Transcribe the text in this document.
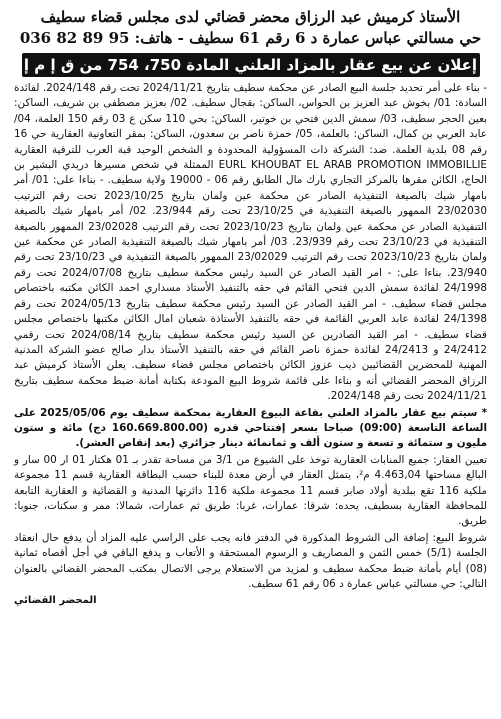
الأستاذ كرميش عبد الرزاق محضر قضائي لدى مجلس قضاء سطيف
حي مسالتي عباس عمارة د 6 رقم 61 سطيف - هاتف: 95 89 82 036
إعلان عن بيع عقار بالمزاد العلني المادة 750، 754 من ق إ م إ

- بناء على أمر تحديد جلسة البيع الصادر عن محكمة سطيف بتاريخ 2024/11/21 تحت رقم 2024/148. لفائدة السادة: 01/ بخوش عبد العزيز بن الحواس، الساكن: بقجال سطيف. 02/ بعزيز مصطفى بن شريف، الساكن: بعين الحجر سطيف، 03/ سمش الدين فتحي بن خوتير، الساكن: بحي 110 سكن ع 03 رقم 150 العلمة، 04/ عابد العربي بن كمال، الساكن: بالعلمة، 05/ حمزة ناصر بن سعدون، الساكن: بمقر التعاونية العقارية حي 16 رقم 08 بلدية العلمة. ضد: الشركة ذات المسؤولية المحدودة و الشخص الوحيد قبة العرب للترقية العقارية EURL KHOUBAT EL ARAB PROMOTION IMMOBILLIE الممثلة في شخص مسيرها دريدي البشير بن الحاج، الكائن مقرها بالمركز التجاري بارك مال الطابق رقم 06 - 19000 ولاية سطيف. - بناءا على: 01/ أمر بامهار شيك بالصيغة التنفيذية الصادر عن محكمة عين ولمان بتاريخ 2023/10/25 تحت رقم الترتيب 23/02030 الممهور بالصيغة التنفيذية في 23/10/25 تحت رقم 23/944. 02/ أمر بامهار شيك بالصيغة التنفيذية الصادر عن محكمة عين ولمان بتاريخ 2023/10/23 تحت رقم الترتيب 23/02028 الممهور بالصيغة التنفيذية في 23/10/23 تحت رقم 23/939. 03/ أمر بامهار شيك بالصيغة التنفيذية الصادر عن محكمة عين ولمان بتاريخ 2023/10/23 تحت رقم الترتيب 23/02029 الممهور بالصيغة التنفيذية في 23/10/23 تحت رقم 23/940. بناءا على: - امر القيد الصادر عن السيد رئيس محكمة سطيف بتاريخ 2024/07/08 تحت رقم 24/1998 لفائدة سمش الدين فتحي القائم في حقه بالتنفيذ الأستاذ مسداري احمد الكائن مكتبه باختصاص مجلس قضاء سطيف. - امر القيد الصادر عن السيد رئيس محكمة سطيف بتاريخ 2024/05/13 تحت رقم 24/1398 لفائدة عابد العربي القائمة في حقه بالتنفيذ الأستاذة شعبان امال الكائن مكتبها باختصاص مجلس قضاء سطيف. - امر القيد الصادرين عن السيد رئيس محكمة سطيف بتاريخ 2024/08/14 تحت رقمي 24/2412 و 24/2413 لفائدة حمزة ناصر القائم في حقه بالتنفيذ الأستاذ بدار صالح عضو الشركة المدنية المهنية للمحضرين القضائيين ذيب عزوز الكائن باختصاص مجلس قضاء سطيف. يعلن الأستاذ كرميش عبد الرزاق المحضر القضائي أنه و بناءا على قائمة شروط البيع المودعة بكتابة أمانة ضبط محكمة سطيف بتاريخ 2024/11/21 تحت رقم 2024/148.

* سيتم بيع عقار بالمزاد العلني بقاعة البيوع العقارية بمحكمة سطيف يوم 2025/05/06 على الساعة التاسعة (09:00) صباحا بسعر إفتتاحي قدره (160.669.800.00 دج) مائة و ستون مليون و ستمائة و تسعة و ستون ألف و ثمانمائة دينار جزائري (بعد إنقاص العشر).

تعيين العقار: جميع المنابات العقارية توخذ على الشيوع من 3/1 من مساحة تقدر بـ 01 هكتار 01 ار 00 سار و البالغ مساحتها 4.463,04 م²، يتمثل العقار في أرض معدة للبناء حسب البطاقة العقارية قسم 11 مجموعة ملكية 116 تقع ببلدية أولاد صابر قسم 11 مجموعة ملكية 116 دائرتها المدنية و القضائية و العقارية التابعة للمحافظة العقارية بسطيف، يحده: شرقا: عمارات، غربا: طريق ثم عمارات، شمالا: ممر و سكنات، جنوبا: طريق.

شروط البيع: إضافة الى الشروط المذكورة في الدفتر فانه يجب على الراسي عليه المزاد أن يدفع حال انعقاد الجلسة (5/1) خمس الثمن و المصاريف و الرسوم المستحقة و الأتعاب و يدفع الباقي في أجل أقصاه ثمانية (08) أيام بأمانة ضبط محكمة سطيف و لمزيد من الاستعلام يرجى الاتصال بمكتب المحضر القضائي بالعنوان التالي: حي مسالتي عباس عمارة د 06 رقم 61 سطيف.

المحضر القضائي
